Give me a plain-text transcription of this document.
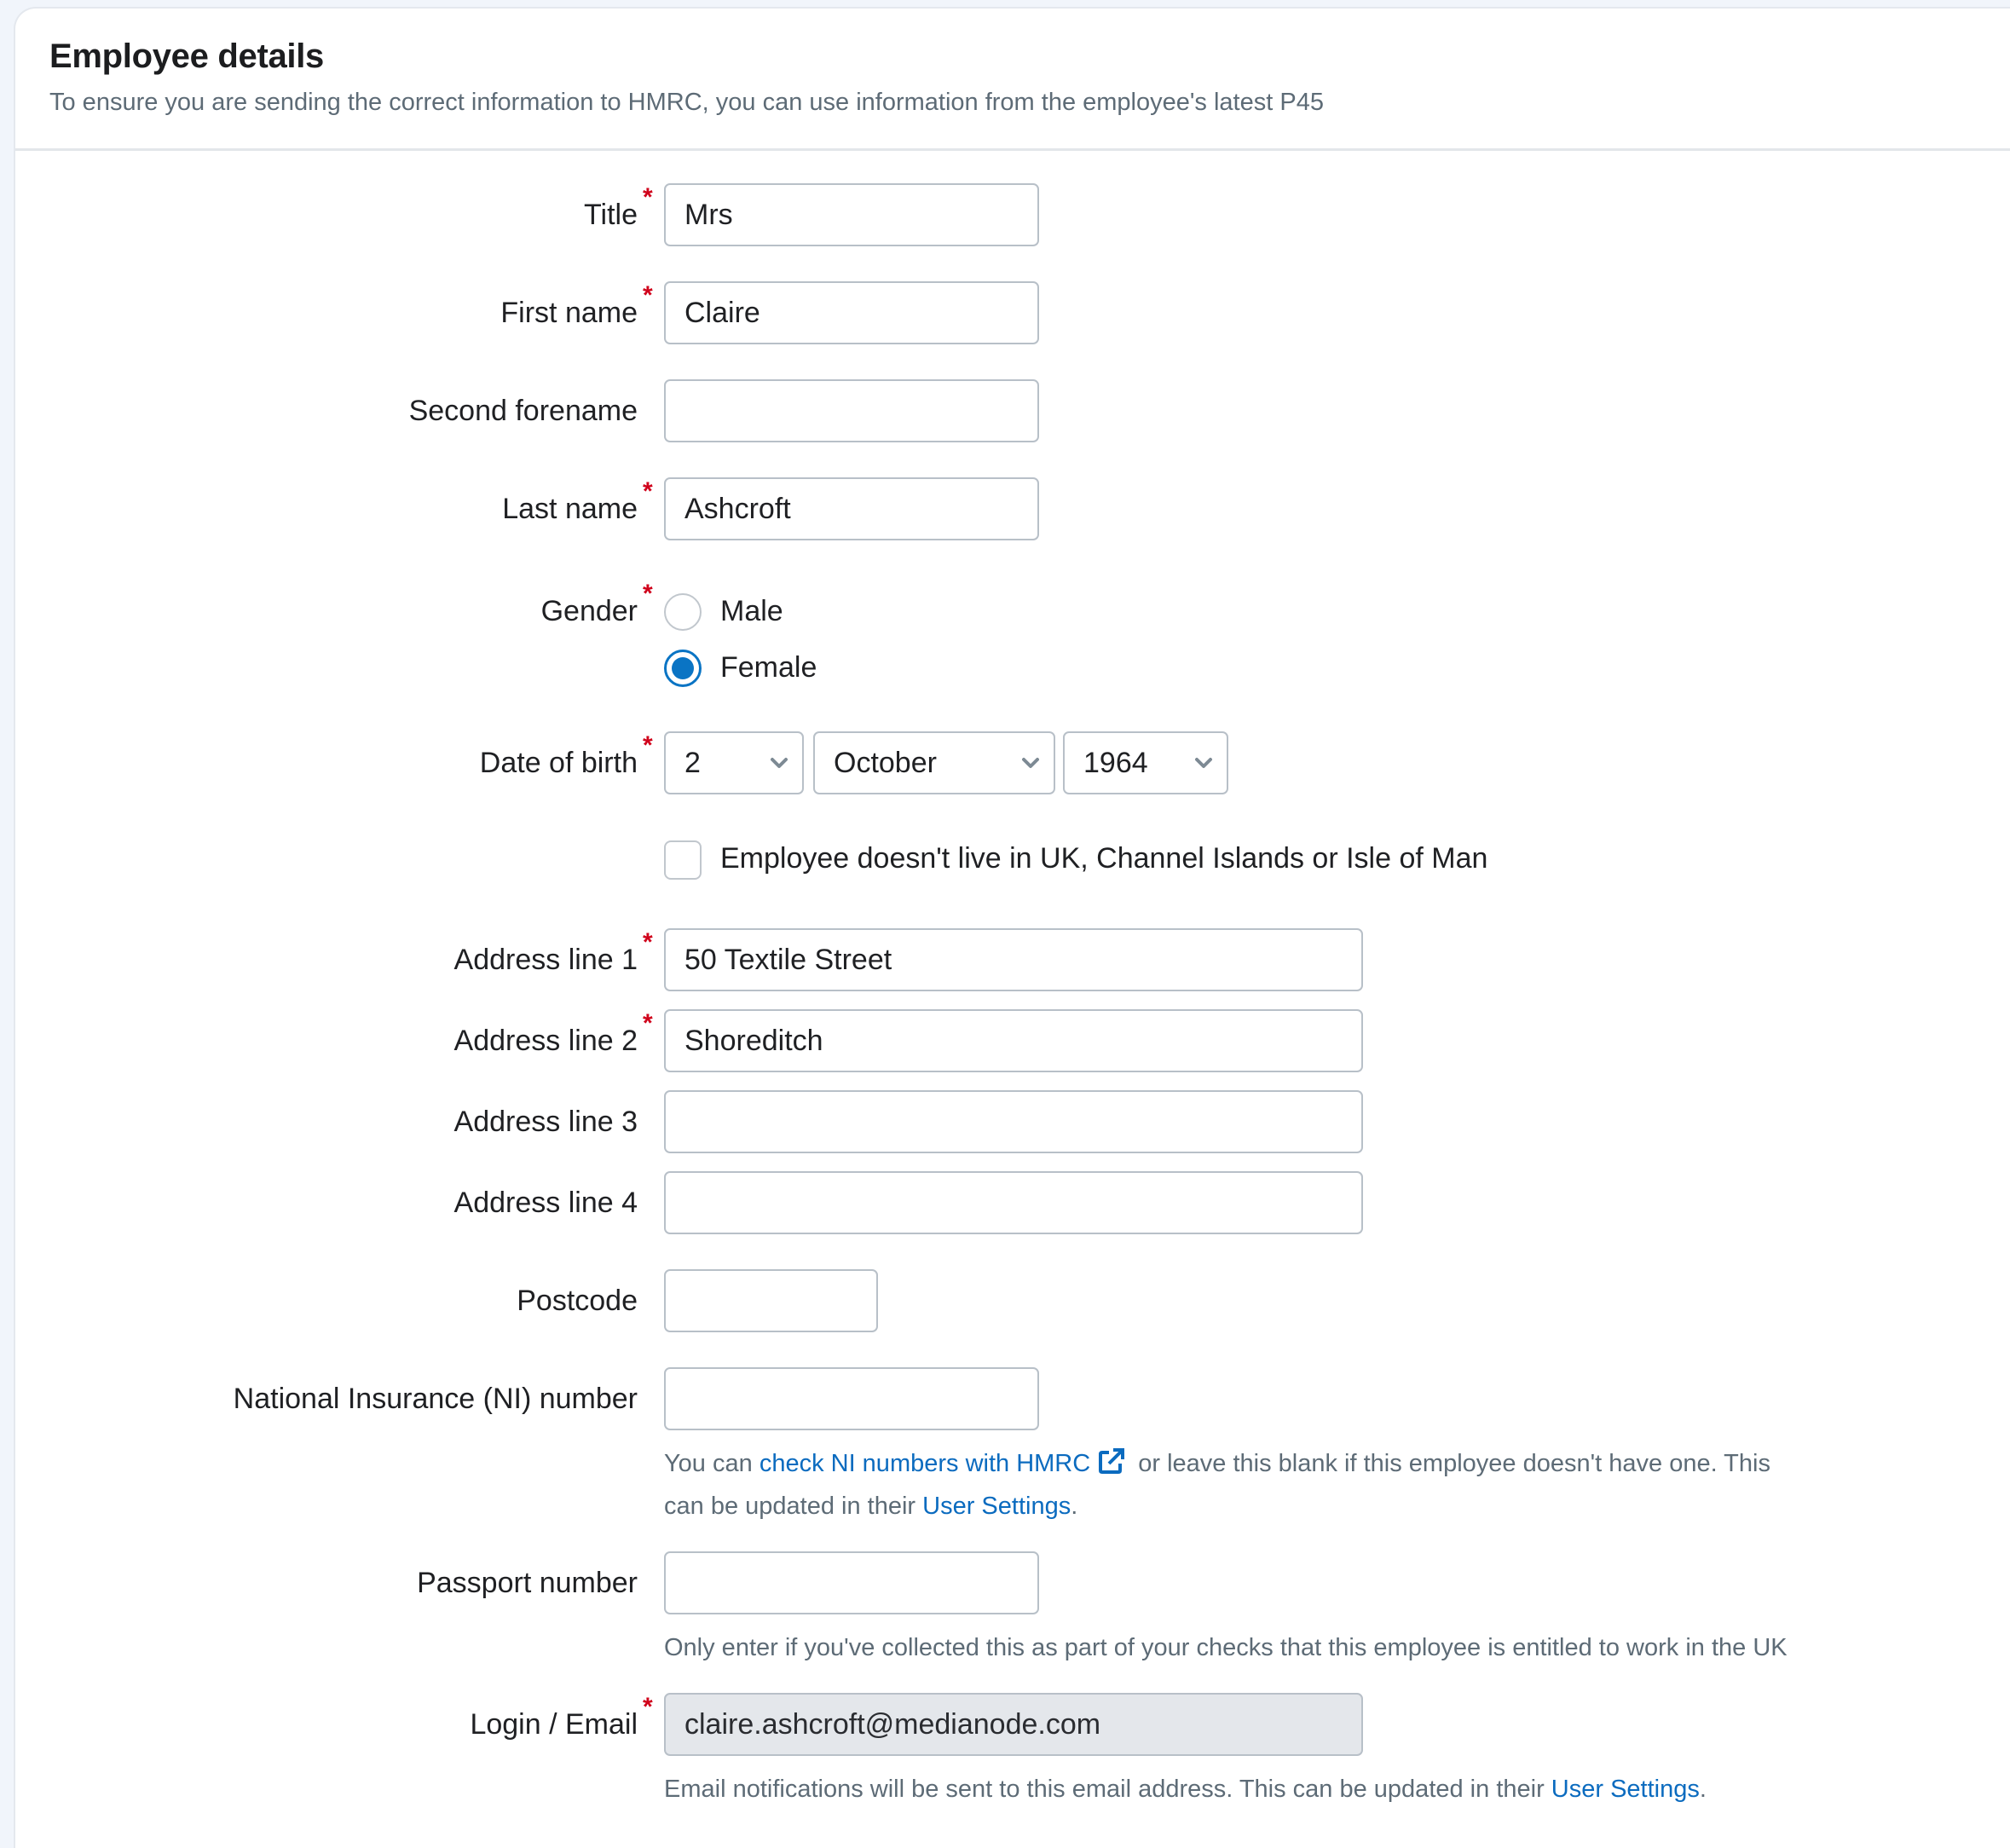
Employee details
To ensure you are sending the correct information to HMRC, you can use information from the employee's latest P45
Title
*
Mrs
First name
*
Claire
Second forename
Last name
*
Ashcroft
Gender
*
Male
Female
Date of birth
*
2	October	1964
Employee doesn't live in UK, Channel Islands or Isle of Man
Address line 1
*
50 Textile Street
Address line 2
*
Shoreditch
Address line 3
Address line 4
Postcode
National Insurance (NI) number
You can check NI numbers with HMRC or leave this blank if this employee doesn't have one. This
can be updated in their User Settings.
Passport number
Only enter if you've collected this as part of your checks that this employee is entitled to work in the UK
Login / Email
*
claire.ashcroft@medianode.com
Email notifications will be sent to this email address. This can be updated in their User Settings.
